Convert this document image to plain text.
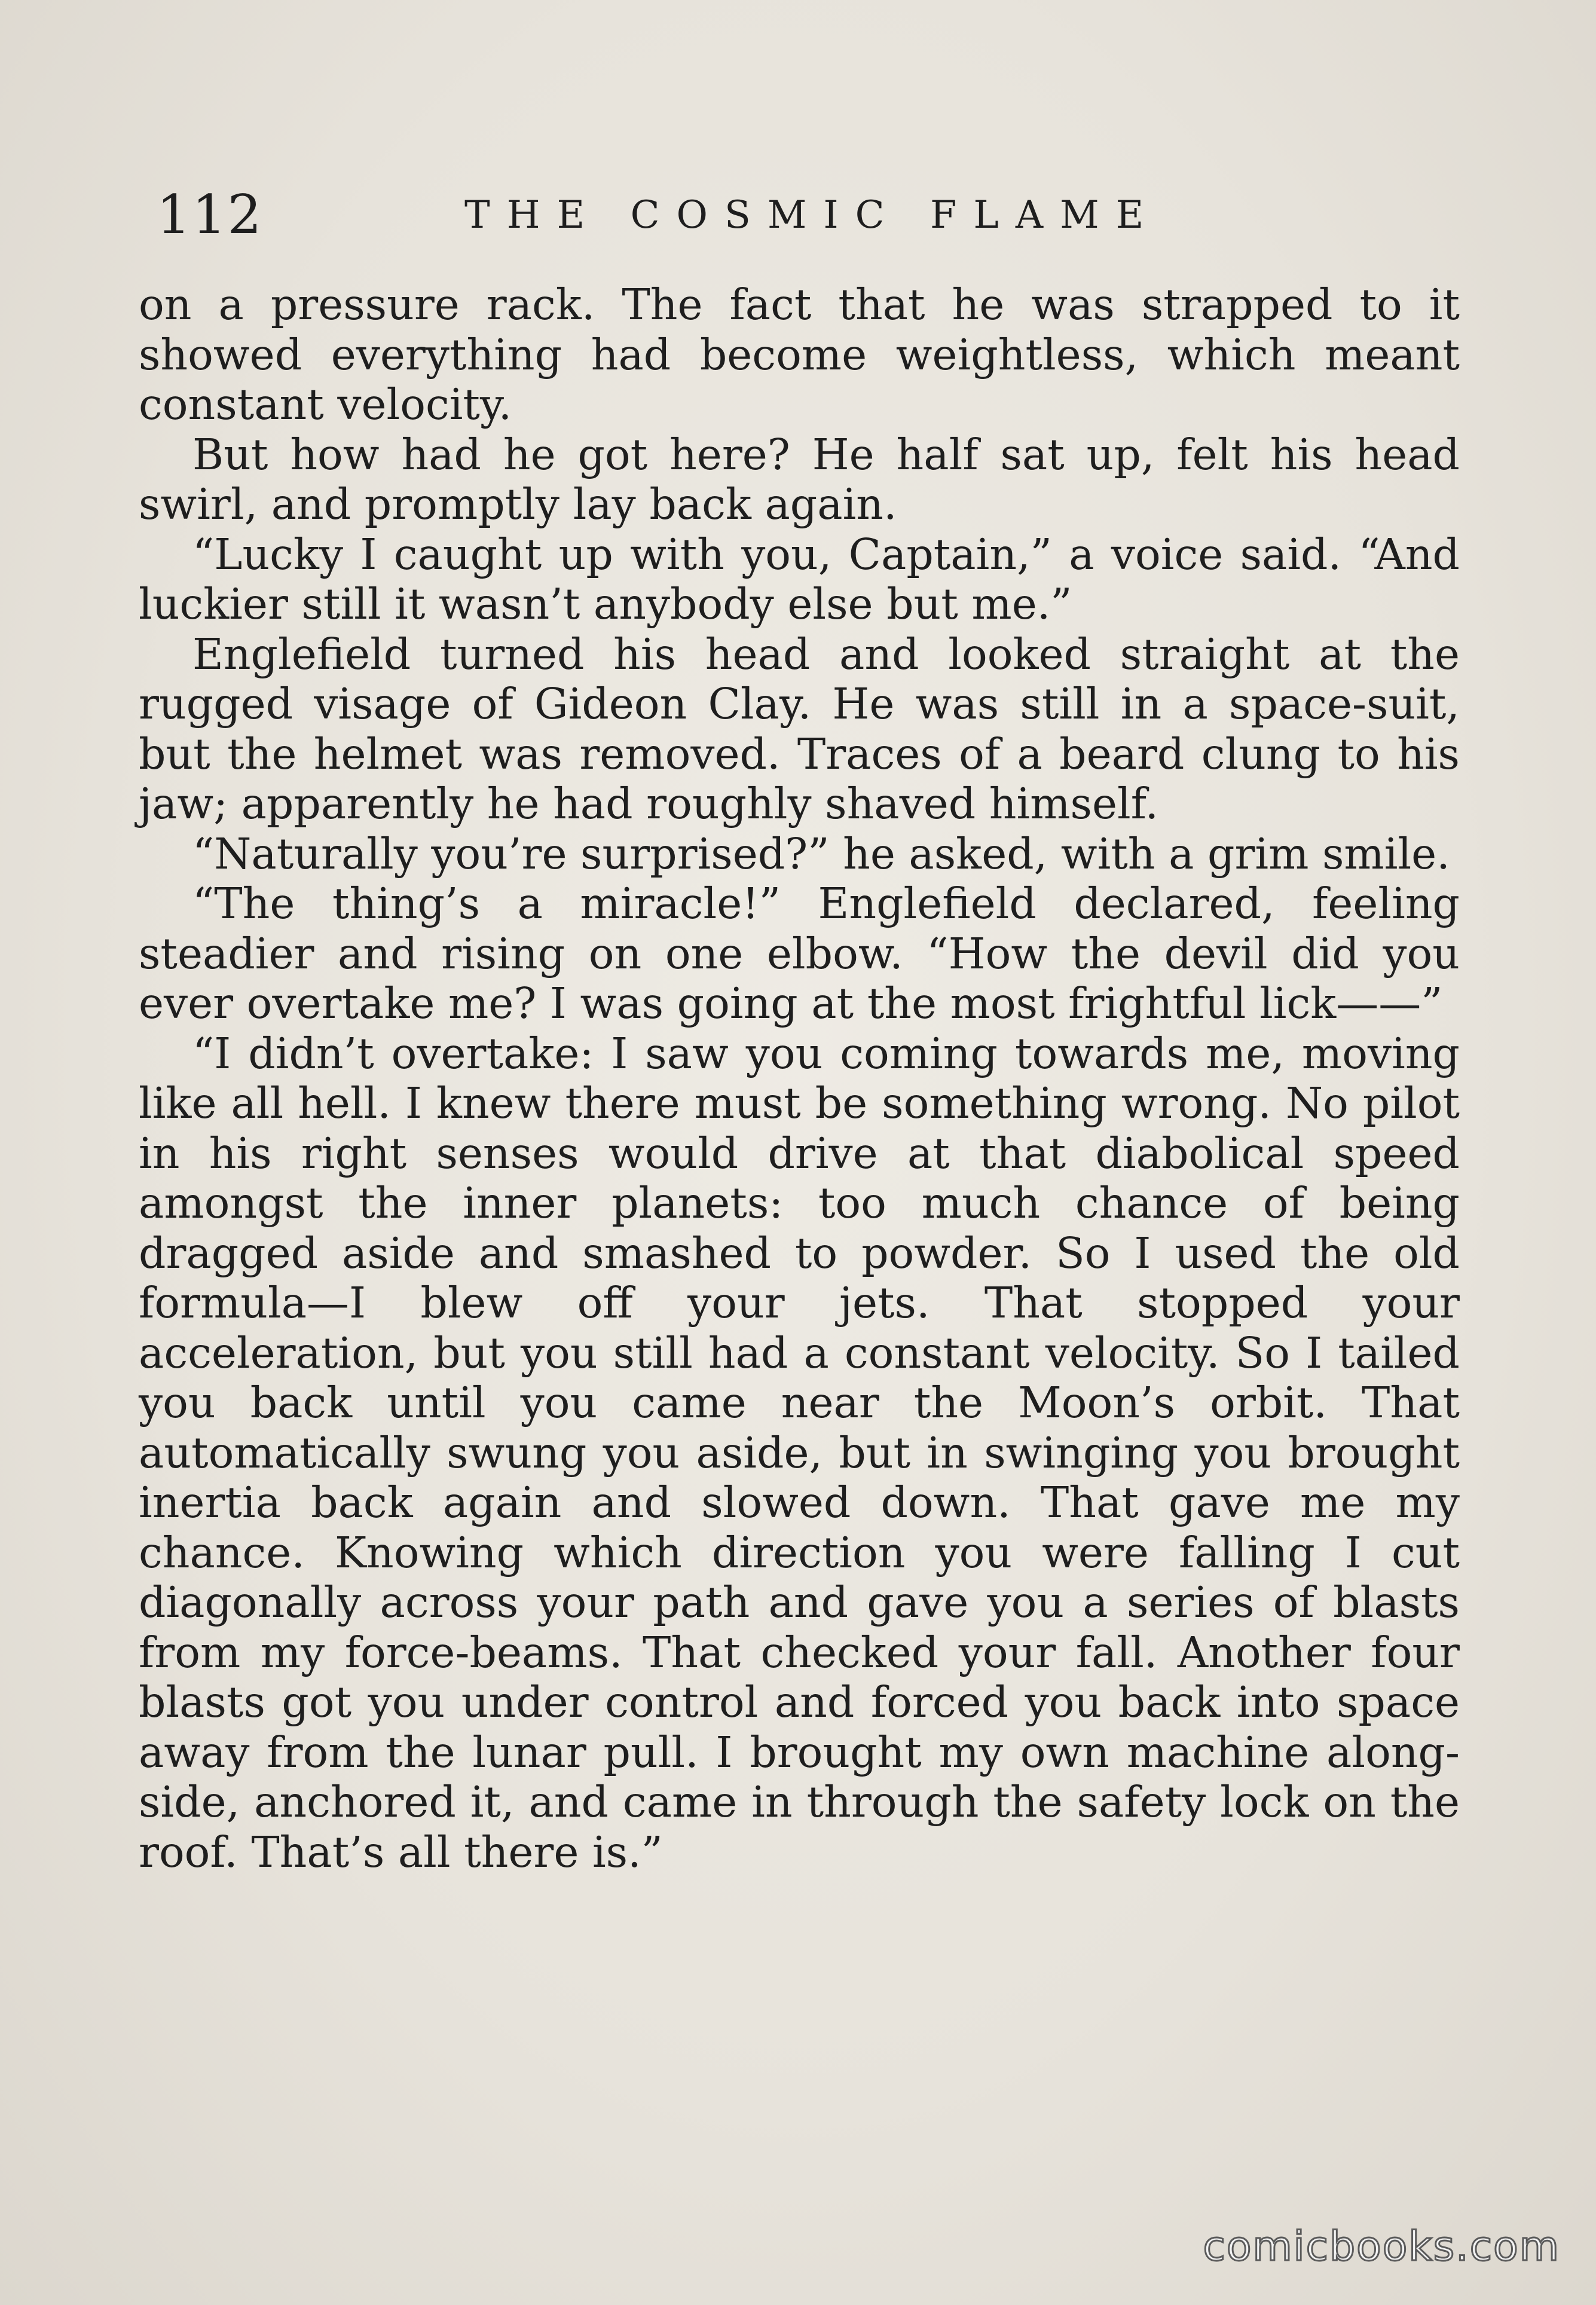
112	THE COSMIC FLAME

on a pressure rack. The fact that he was strapped to it showed everything had become weightless, which meant constant velocity.

But how had he got here? He half sat up, felt his head swirl, and promptly lay back again.

“Lucky I caught up with you, Captain,” a voice said. “And luckier still it wasn’t anybody else but me.”

Englefield turned his head and looked straight at the rugged visage of Gideon Clay. He was still in a space-suit, but the helmet was removed. Traces of a beard clung to his jaw; apparently he had roughly shaved himself.

“Naturally you’re surprised?” he asked, with a grim smile.

“The thing’s a miracle!” Englefield declared, feeling steadier and rising on one elbow. “How the devil did you ever overtake me? I was going at the most frightful lick——”

“I didn’t overtake: I saw you coming towards me, moving like all hell. I knew there must be something wrong. No pilot in his right senses would drive at that diabolical speed amongst the inner planets: too much chance of being dragged aside and smashed to powder. So I used the old formula—I blew off your jets. That stopped your acceleration, but you still had a constant velocity. So I tailed you back until you came near the Moon’s orbit. That automatically swung you aside, but in swinging you brought inertia back again and slowed down. That gave me my chance. Knowing which direction you were falling I cut diagonally across your path and gave you a series of blasts from my force-beams. That checked your fall. Another four blasts got you under control and forced you back into space away from the lunar pull. I brought my own machine along-side, anchored it, and came in through the safety lock on the roof. That’s all there is.”

comicbooks.com
